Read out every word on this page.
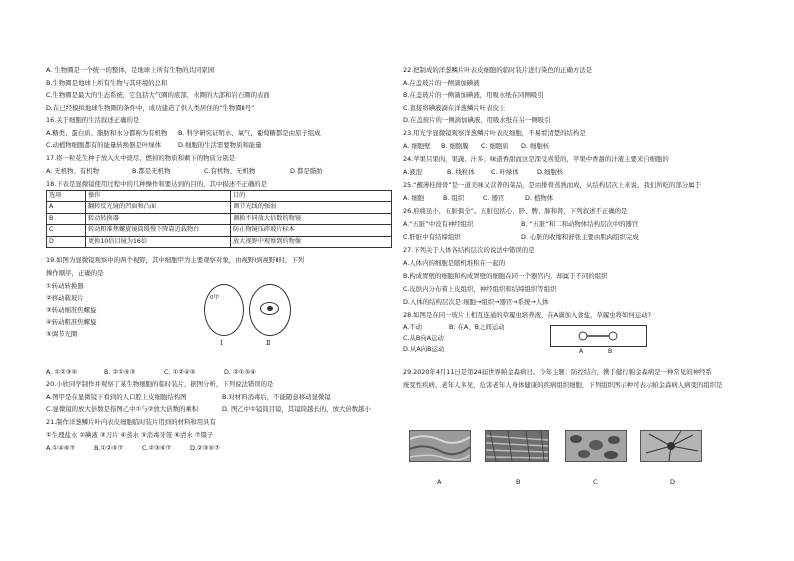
A. 生物圈是一个统一的整体，是地球上所有生物的共同家园
B.生物圈是地球上所有生物与其环境的总和
C.生物圈是最大的生态系统，它包括大气圈的底部，水圈的大部和岩石圈的表面
D.在已经模拟地球生物圈的条件中，成功建造了供人类居住的“生物圈Ⅱ号”
16.关于细胞的生活叙述正确的是
A.糖类、蛋白质、脂肪和水分都称为有机物	B. 科学研究证明水、氧气、葡萄糖都是由原子组成
C.动植物细胞都有的能量转换器是叶绿体	D.细胞的生活需要物质和能量
17.将一粒花生种子放入火中烧尽，燃掉的物质和剩下的物质分别是
A. 无机物、有机物	B.都是无机物	C.有机物、无机物	D.都是脂肪
18.下表是显微镜使用过程中的几种操作和要达到的目的，其中描述不正确的是
选项	操作	目的
A	翻转反光镜的凹面和凸面	调节光线的强弱
B	转动转换器	调换不同放大倍数的物镜
C	转动粗准焦螺旋镜筒缓慢下降靠近载物台	防止物镜压碎玻片标本
D	更换10倍目镜为16倍	放大视野中观察到的物像
19.如图为显微镜观察中的两个视野，其中细胞甲为主要观察对象，由视野Ⅰ到视野Ⅱ时，下列
操作顺序，正确的是
①转动转换器
②移动载玻片
③转动细准焦螺旋
④转动粗准焦螺旋
⑤调节光圈
0甲
Ⅰ	Ⅱ
A. ①②③⑤	B. ②①⑤③	C. ①②④⑤	D. ②①⑤④
20.小欣同学制作并观察了某生物细胞的临时装片，据图分析，下列说法错误的是
A.图甲是在显微镜下看到的人口腔上皮细胞结构图	B.对材料消毒后，不能随意移动显微镜
C.显微镜的放大倍数是指图乙中①与②放大倍数的乘积	D. 图乙中①镜筒目镜，其镜筒越长的，放大倍数越小
21.制作洋葱鳞片叶内表皮细胞临时装片用到的材料和用具有
①生理盐水 ②碘液 ③刀片 ④蒸水 ⑤消毒牙签 ⑥清水 ⑦镊子
A.①④⑥⑦	B.①②⑤⑦	C.②③⑥⑦	D.②③⑤⑦
22.把制成的洋葱鳞片叶表皮细胞的临时装片进行染色的正确方法是
A.在盖玻片的一侧滴加碘液
B.在盖玻片的一侧滴加碘液，用吸水纸在同侧吸引
C.直接将碘液滴在洋葱鳞片叶表皮上
D.在盖玻片的一侧滴加碘液，用吸水纸在另一侧吸引
23.用光学显微镜观察洋葱鳞片叶表皮细胞，不易看清楚的结构是
A. 细胞壁	B. 细胞膜	C. 细胞质	D. 细胞核
24.苹果只果肉，果蔬、汁多、味道香甜而这是深受喜爱的，苹果中香甜的汁液主要来自细胞的
A.液泡	B. 线粒体	C. 叶绿体	D.细胞核
25.“靓薄桂排骨”是一道美味又营养的菜品，是由排骨蒸熟而成，从结构层次上来说，我们所吃的部分属于
A. 细胞	B. 组织	C. 器官	D. 植物体
26.府痛虽小，五脏俱全”。五脏包括心、肝、脾、肺和肾，下列叙述不正确的是
A.“五脏”中没有神经组织	B. “五脏”和二和动物体结构层次中的器官
C.肝脏中有结缔组织	D. 心脏的收缩和舒张主要由肌肉组织完成
27.下列关于人体各结构层次的说法中错误的是
A.人体内的细胞是随机堆积在一起的
B.构成胃壁的细胞和构成胃壁的细胞在同一个器官内，却属于不同的组织
C.皮肤内分布着上皮组织，神经组织和结缔组织等组织
D.人体的结构层次是:细胞→组织→器官→系统→人体
28.如图是在同一玻片上相互连通的草履虫培养液，在A滴加入食盐，草履虫将如何运动?
A.不动	B. 在A、B之间运动
C.从B向A运动
D.从A向B运动	A	B
29.2020年4月11日是第24届世界帕金森病日。今年主题：防控结合，携手健行帕金森病是一种常见的神经系
统变性疾病，老年人多见，危害老年人身体健康的疾病组织细胞，下列组织图示种可表示帕金森病人病变的组织是
A	B	C	D
